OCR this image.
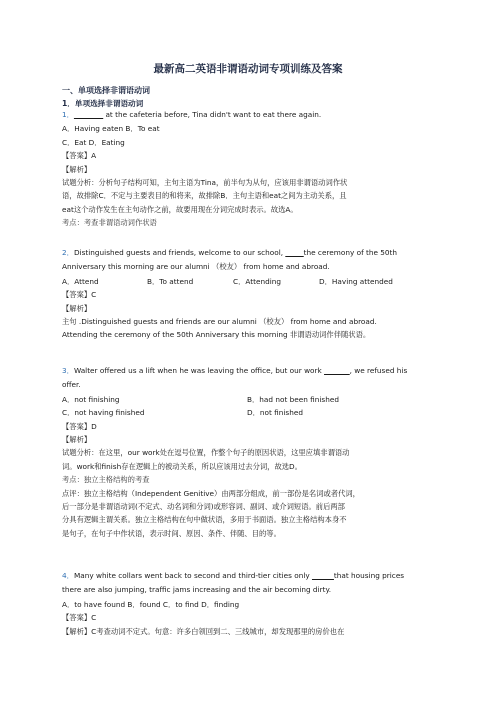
最新高二英语非谓语动词专项训练及答案
一、单项选择非谓语动词
1．单项选择非谓语动词
1．________ at the cafeteria before, Tina didn't want to eat there again.
A．Having eaten B．To eat
C．Eat D．Eating
【答案】A
【解析】
试题分析：分析句子结构可知，主句主语为Tina，前半句为从句，应该用非谓语动词作状
语，故排除C．不定与主要表目的和将来，故排除B．主句主语和eat之间为主动关系，且
eat这个动作发生在主句动作之前，故要用现在分词完成时表示。故选A。
考点：考查非谓语动词作状语
2．Distinguished guests and friends, welcome to our school, _____the ceremony of the 50th
Anniversary this morning are our alumni （校友） from home and abroad.
A．Attend	B．To attend	C．Attending	D．Having attended
【答案】C
【解析】
主句 .Distinguished guests and friends are our alumni （校友） from home and abroad.
Attending the ceremony of the 50th Anniversary this morning 非谓语动词作伴随状语。
3．Walter offered us a lift when he was leaving the office, but our work _______, we refused his
offer.
A．not finishing	B．had not been finished
C．not having finished	D．not finished
【答案】D
【解析】
试题分析：在这里，our work处在逗号位置，作整个句子的原因状语，这里应填非谓语动
词。work和finish存在逻辑上的被动关系，所以应该用过去分词，故选D。
考点：独立主格结构的考查
点评：独立主格结构（Independent Genitive）由两部分组成，前一部份是名词或者代词，
后一部分是非谓语动词(不定式、动名词和分词)或形容词、副词、或介词短语。前后两部
分具有逻辑主谓关系。独立主格结构在句中做状语，多用于书面语。独立主格结构本身不
是句子，在句子中作状语，表示时间、原因、条件、伴随、目的等。
4．Many white collars went back to second and third-tier cities only ______that housing prices
there are also jumping, traffic jams increasing and the air becoming dirty.
A．to have found B．found C．to find D．finding
【答案】C
【解析】C考查动词不定式。句意：许多白领回到二、三线城市，却发现那里的房价也在
